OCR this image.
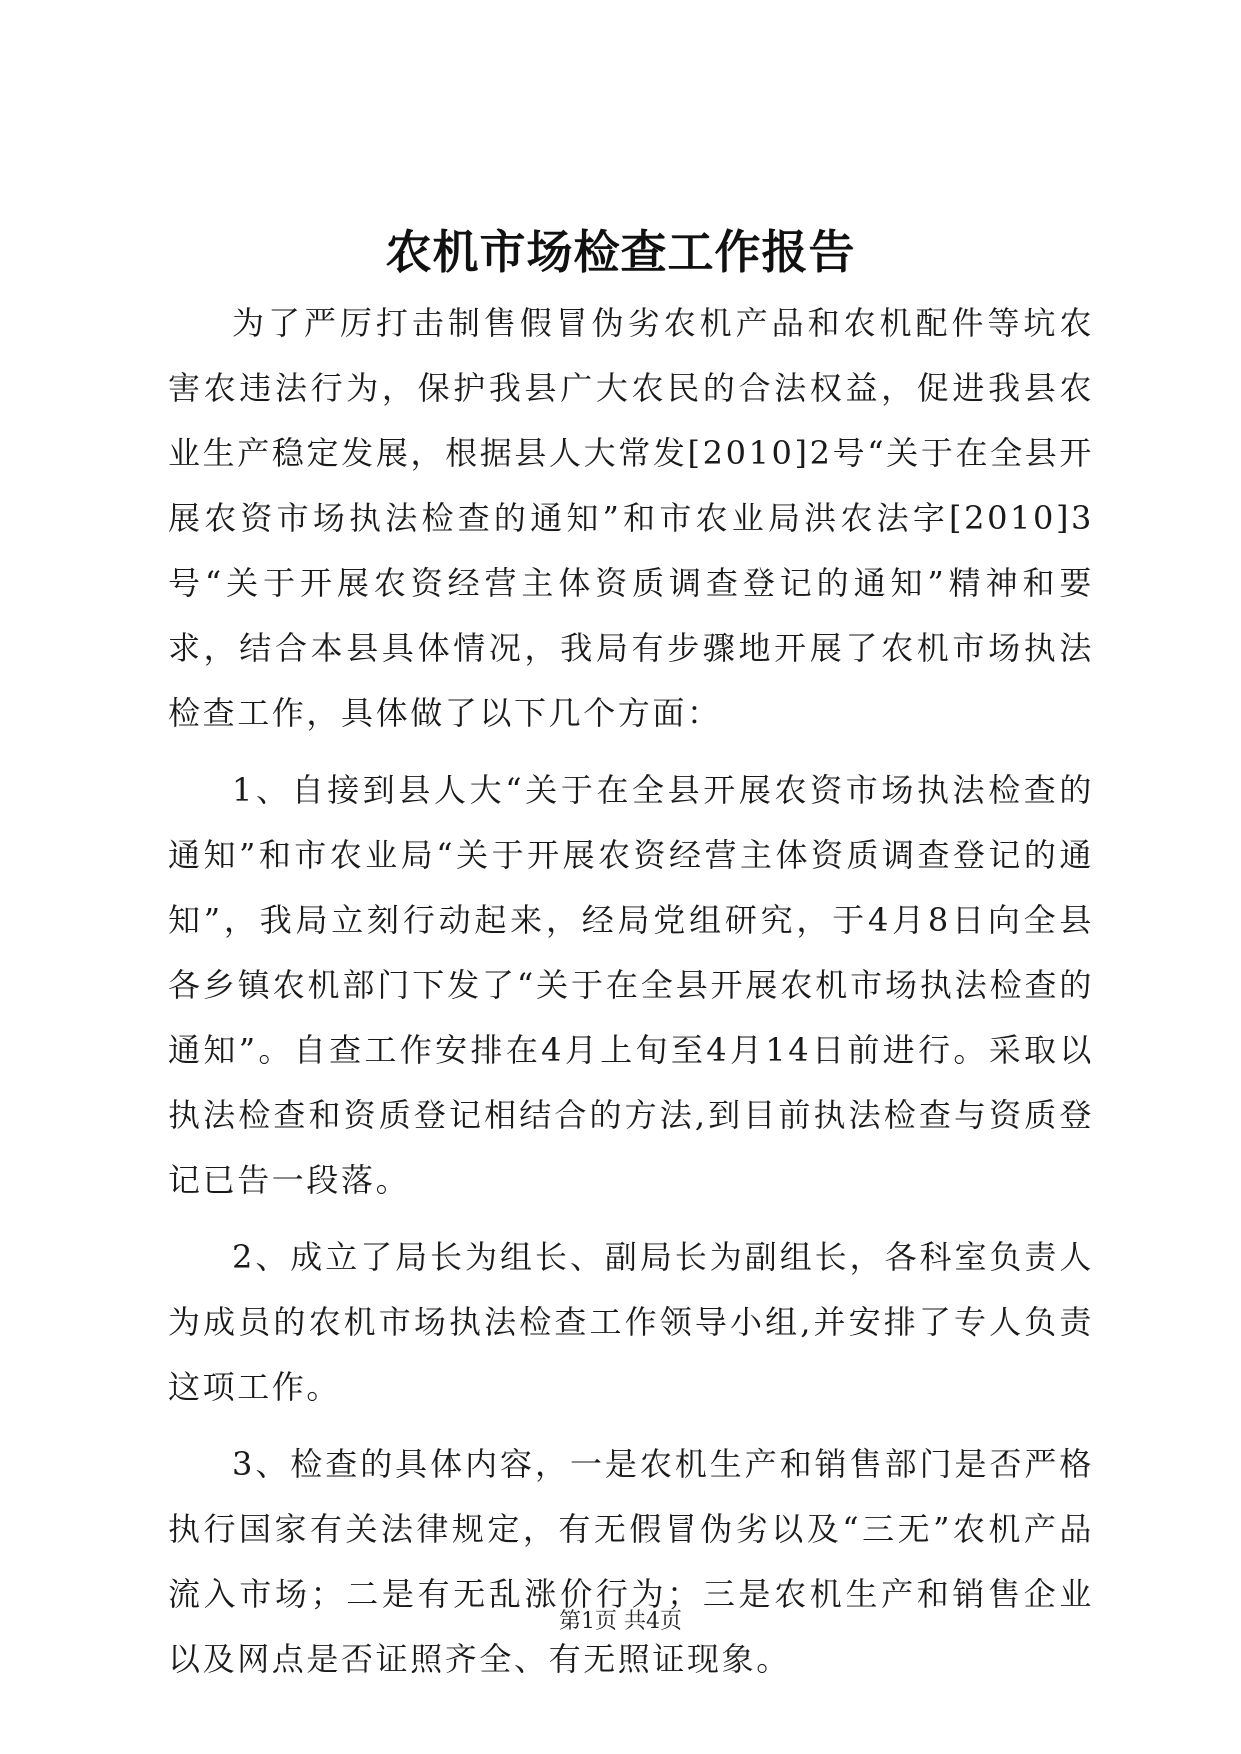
农机市场检查工作报告

为了严厉打击制售假冒伪劣农机产品和农机配件等坑农害农违法行为，保护我县广大农民的合法权益，促进我县农业生产稳定发展，根据县人大常发[2010]2号“关于在全县开展农资市场执法检查的通知”和市农业局洪农法字[2010]3号“关于开展农资经营主体资质调查登记的通知”精神和要求，结合本县具体情况，我局有步骤地开展了农机市场执法检查工作，具体做了以下几个方面：

1、自接到县人大“关于在全县开展农资市场执法检查的通知”和市农业局“关于开展农资经营主体资质调查登记的通知”，我局立刻行动起来，经局党组研究，于4月8日向全县各乡镇农机部门下发了“关于在全县开展农机市场执法检查的通知”。自查工作安排在4月上旬至4月14日前进行。采取以执法检查和资质登记相结合的方法,到目前执法检查与资质登记已告一段落。

2、成立了局长为组长、副局长为副组长，各科室负责人为成员的农机市场执法检查工作领导小组,并安排了专人负责这项工作。

3、检查的具体内容，一是农机生产和销售部门是否严格执行国家有关法律规定，有无假冒伪劣以及“三无”农机产品流入市场；二是有无乱涨价行为；三是农机生产和销售企业以及网点是否证照齐全、有无照证现象。

第1页 共4页
